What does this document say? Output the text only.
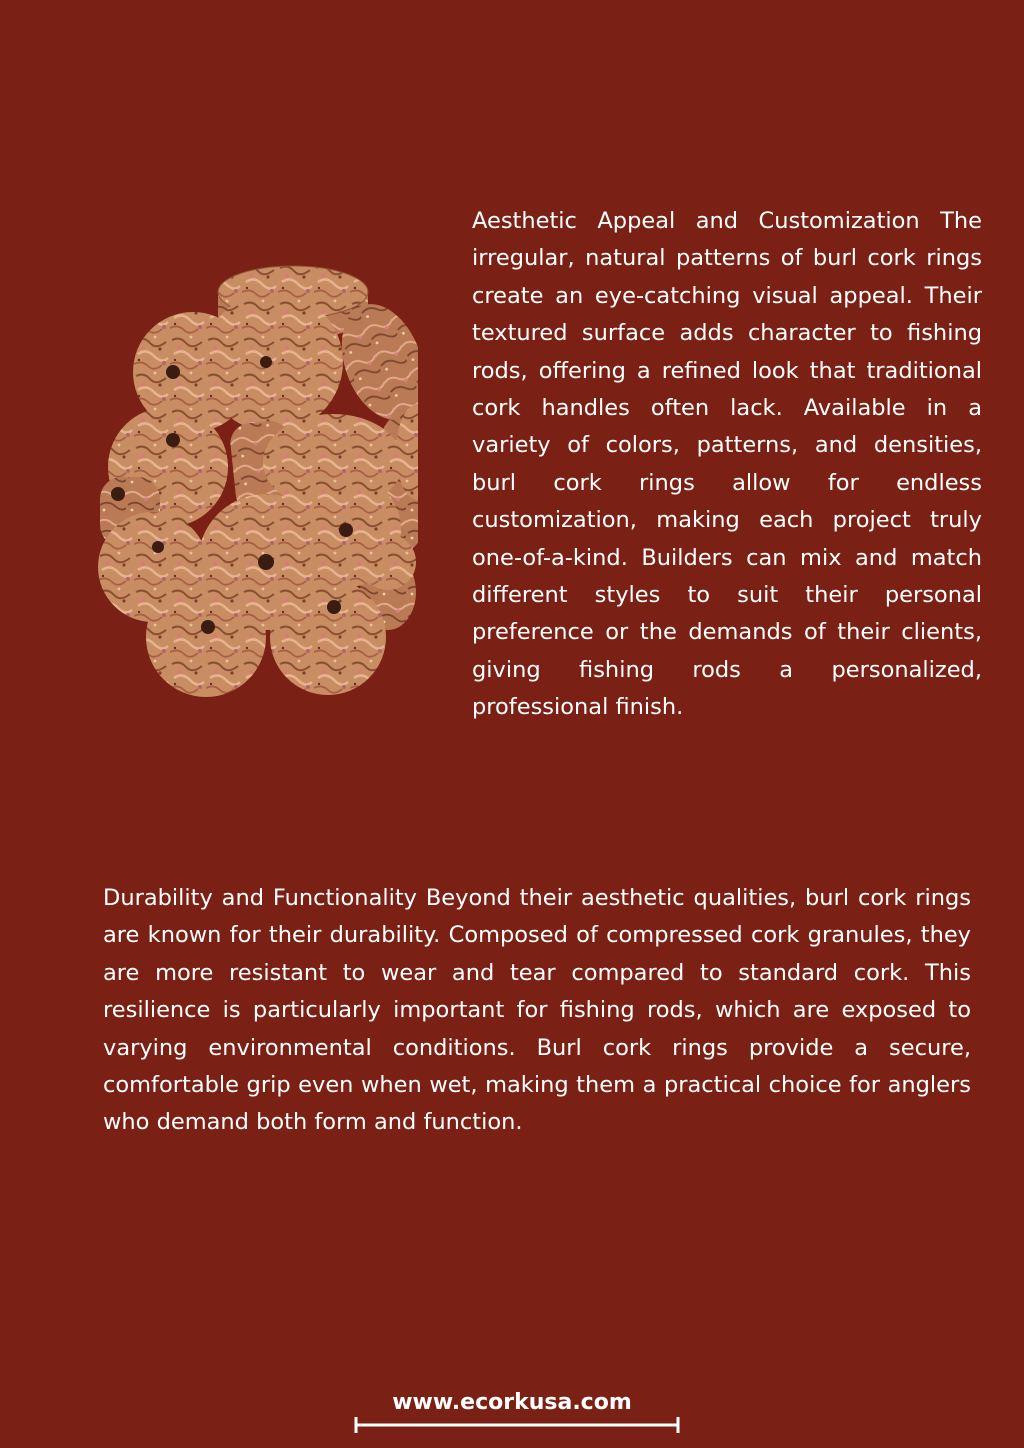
Aesthetic Appeal and Customization The irregular, natural patterns of burl cork rings create an eye-catching visual appeal. Their textured surface adds character to fishing rods, offering a refined look that traditional cork handles often lack. Available in a variety of colors, patterns, and densities, burl cork rings allow for endless customization, making each project truly one-of-a-kind. Builders can mix and match different styles to suit their personal preference or the demands of their clients, giving fishing rods a personalized, professional finish.

Durability and Functionality Beyond their aesthetic qualities, burl cork rings are known for their durability. Composed of compressed cork granules, they are more resistant to wear and tear compared to standard cork. This resilience is particularly important for fishing rods, which are exposed to varying environmental conditions. Burl cork rings provide a secure, comfortable grip even when wet, making them a practical choice for anglers who demand both form and function.

www.ecorkusa.com
